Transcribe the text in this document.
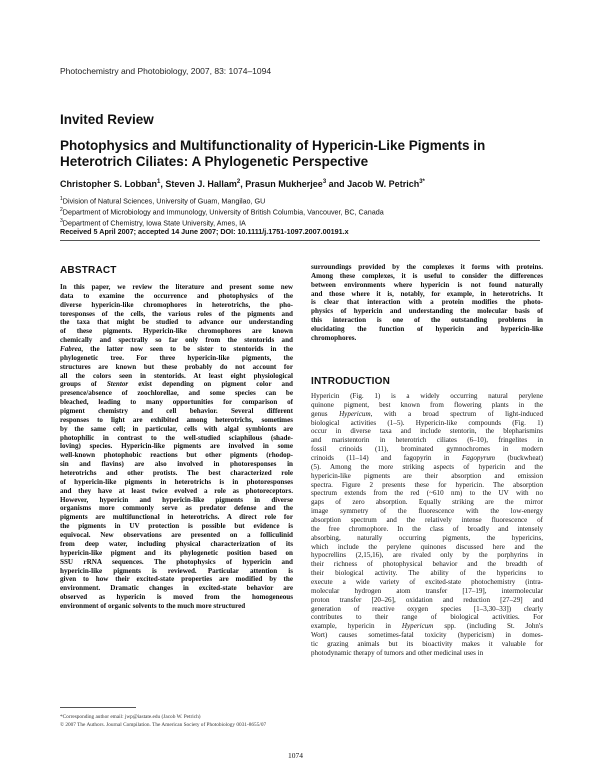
Photochemistry and Photobiology, 2007, 83: 1074–1094
Invited Review
Photophysics and Multifunctionality of Hypericin-Like Pigments in Heterotrich Ciliates: A Phylogenetic Perspective
Christopher S. Lobban$^1$, Steven J. Hallam$^2$, Prasun Mukherjee$^3$ and Jacob W. Petrich$^{3*}$
$^1$Division of Natural Sciences, University of Guam, Mangilao, GU
$^2$Department of Microbiology and Immunology, University of British Columbia, Vancouver, BC, Canada
$^3$Department of Chemistry, Iowa State University, Ames, IA
Received 5 April 2007; accepted 14 June 2007; DOI: 10.1111/j.1751-1097.2007.00191.x
ABSTRACT
In this paper, we review the literature and present some new
data to examine the occurrence and photophysics of the
diverse hypericin-like chromophores in heterotrichs, the pho-
toresponses of the cells, the various roles of the pigments and
the taxa that might be studied to advance our understanding
of these pigments. Hypericin-like chromophores are known
chemically and spectrally so far only from the stentorids and
Fabrea, the latter now seen to be sister to stentorids in the
phylogenetic tree. For three hypericin-like pigments, the
structures are known but these probably do not account for
all the colors seen in stentorids. At least eight physiological
groups of Stentor exist depending on pigment color and
presence/absence of zoochlorellae, and some species can be
bleached, leading to many opportunities for comparison of
pigment chemistry and cell behavior. Several different
responses to light are exhibited among heterotrichs, sometimes
by the same cell; in particular, cells with algal symbionts are
photophilic in contrast to the well-studied sciaphilous (shade-
loving) species. Hypericin-like pigments are involved in some
well-known photophobic reactions but other pigments (rhodop-
sin and flavins) are also involved in photoresponses in
heterotrichs and other protists. The best characterized role
of hypericin-like pigments in heterotrichs is in photoresponses
and they have at least twice evolved a role as photoreceptors.
However, hypericin and hypericin-like pigments in diverse
organisms more commonly serve as predator defense and the
pigments are multifunctional in heterotrichs. A direct role for
the pigments in UV protection is possible but evidence is
equivocal. New observations are presented on a folliculinid
from deep water, including physical characterization of its
hypericin-like pigment and its phylogenetic position based on
SSU rRNA sequences. The photophysics of hypericin and
hypericin-like pigments is reviewed. Particular attention is
given to how their excited-state properties are modified by the
environment. Dramatic changes in excited-state behavior are
observed as hypericin is moved from the homogeneous
environment of organic solvents to the much more structured
surroundings provided by the complexes it forms with proteins.
Among these complexes, it is useful to consider the differences
between environments where hypericin is not found naturally
and those where it is, notably, for example, in heterotrichs. It
is clear that interaction with a protein modifies the photo-
physics of hypericin and understanding the molecular basis of
this interaction is one of the outstanding problems in
elucidating the function of hypericin and hypericin-like
chromophores.
INTRODUCTION
Hypericin (Fig. 1) is a widely occurring natural perylene
quinone pigment, best known from flowering plants in the
genus Hypericum, with a broad spectrum of light-induced
biological activities (1–5). Hypericin-like compounds (Fig. 1)
occur in diverse taxa and include stentorin, the blepharismins
and maristentorin in heterotrich ciliates (6–10), fringelites in
fossil crinoids (11), brominated gymnochromes in modern
crinoids (11–14) and fagopyrin in Fagopyrum (buckwheat)
(5). Among the more striking aspects of hypericin and the
hypericin-like pigments are their absorption and emission
spectra. Figure 2 presents these for hypericin. The absorption
spectrum extends from the red (~610 nm) to the UV with no
gaps of zero absorption. Equally striking are the mirror
image symmetry of the fluorescence with the low-energy
absorption spectrum and the relatively intense fluorescence of
the free chromophore. In the class of broadly and intensely
absorbing, naturally occurring pigments, the hypericins,
which include the perylene quinones discussed here and the
hypocrellins (2,15,16), are rivaled only by the porphyrins in
their richness of photophysical behavior and the breadth of
their biological activity. The ability of the hypericins to
execute a wide variety of excited-state photochemistry (intra-
molecular hydrogen atom transfer [17–19], intermolecular
proton transfer [20–26], oxidation and reduction [27–29] and
generation of reactive oxygen species [1–3,30–33]) clearly
contributes to their range of biological activities. For
example, hypericin in Hypericum spp. (including St. John's
Wort) causes sometimes-fatal toxicity (hypericism) in domes-
tic grazing animals but its bioactivity makes it valuable for
photodynamic therapy of tumors and other medicinal uses in
*Corresponding author email: jwp@iastate.edu (Jacob W. Petrich)
© 2007 The Authors. Journal Compilation. The American Society of Photobiology 0031-8655/07
1074
